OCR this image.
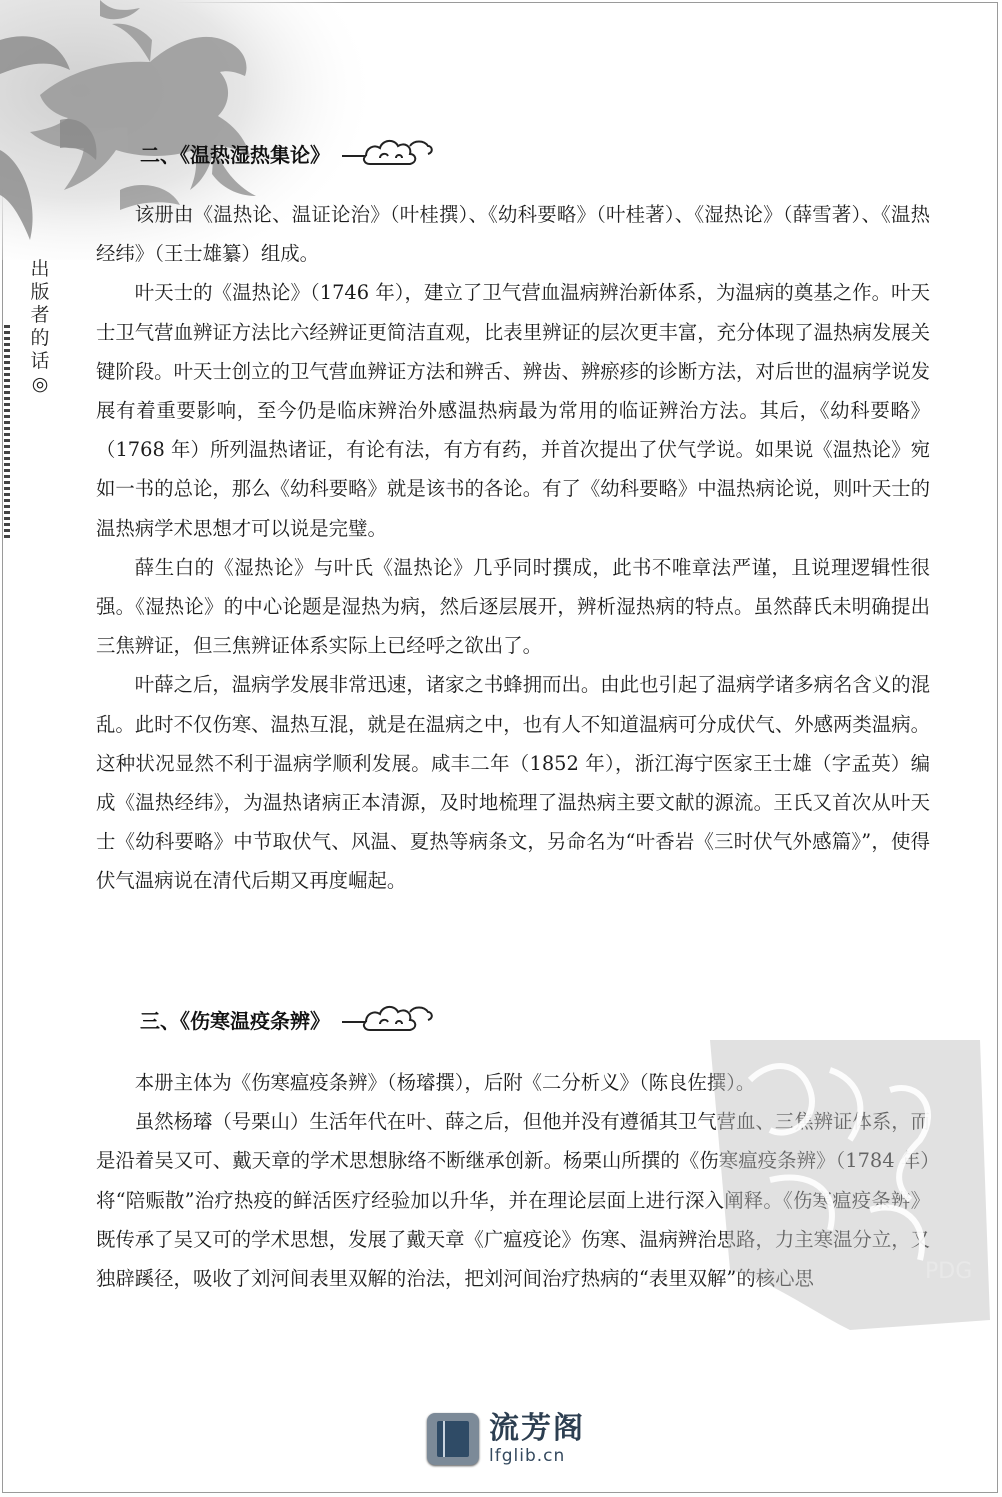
出
版
者
的
话
◎
二、《温热湿热集论》

该册由《温热论、温证论治》（叶桂撰）、《幼科要略》（叶桂著）、《湿热论》（薛雪著）、《温热经纬》（王士雄纂）组成。

叶天士的《温热论》（1746 年），建立了卫气营血温病辨治新体系，为温病的奠基之作。叶天士卫气营血辨证方法比六经辨证更简洁直观，比表里辨证的层次更丰富，充分体现了温热病发展关键阶段。叶天士创立的卫气营血辨证方法和辨舌、辨齿、辨瘀疹的诊断方法，对后世的温病学说发展有着重要影响，至今仍是临床辨治外感温热病最为常用的临证辨治方法。其后，《幼科要略》（1768 年）所列温热诸证，有论有法，有方有药，并首次提出了伏气学说。如果说《温热论》宛如一书的总论，那么《幼科要略》就是该书的各论。有了《幼科要略》中温热病论说，则叶天士的温热病学术思想才可以说是完璧。

薛生白的《湿热论》与叶氏《温热论》几乎同时撰成，此书不唯章法严谨，且说理逻辑性很强。《湿热论》的中心论题是湿热为病，然后逐层展开，辨析湿热病的特点。虽然薛氏未明确提出三焦辨证，但三焦辨证体系实际上已经呼之欲出了。

叶薛之后，温病学发展非常迅速，诸家之书蜂拥而出。由此也引起了温病学诸多病名含义的混乱。此时不仅伤寒、温热互混，就是在温病之中，也有人不知道温病可分成伏气、外感两类温病。这种状况显然不利于温病学顺利发展。咸丰二年（1852 年），浙江海宁医家王士雄（字孟英）编成《温热经纬》，为温热诸病正本清源，及时地梳理了温热病主要文献的源流。王氏又首次从叶天士《幼科要略》中节取伏气、风温、夏热等病条文，另命名为“叶香岩《三时伏气外感篇》”，使得伏气温病说在清代后期又再度崛起。

三、《伤寒温疫条辨》

本册主体为《伤寒瘟疫条辨》（杨璿撰），后附《二分析义》（陈良佐撰）。

虽然杨璿（号栗山）生活年代在叶、薛之后，但他并没有遵循其卫气营血、三焦辨证体系，而是沿着吴又可、戴天章的学术思想脉络不断继承创新。杨栗山所撰的《伤寒瘟疫条辨》（1784 年）将“陪赈散”治疗热疫的鲜活医疗经验加以升华，并在理论层面上进行深入阐释。《伤寒瘟疫条辨》既传承了吴又可的学术思想，发展了戴天章《广瘟疫论》伤寒、温病辨治思路，力主寒温分立，又独辟蹊径，吸收了刘河间表里双解的治法，把刘河间治疗热病的“表里双解”的核心思	PDG
流芳阁
lfglib.cn
